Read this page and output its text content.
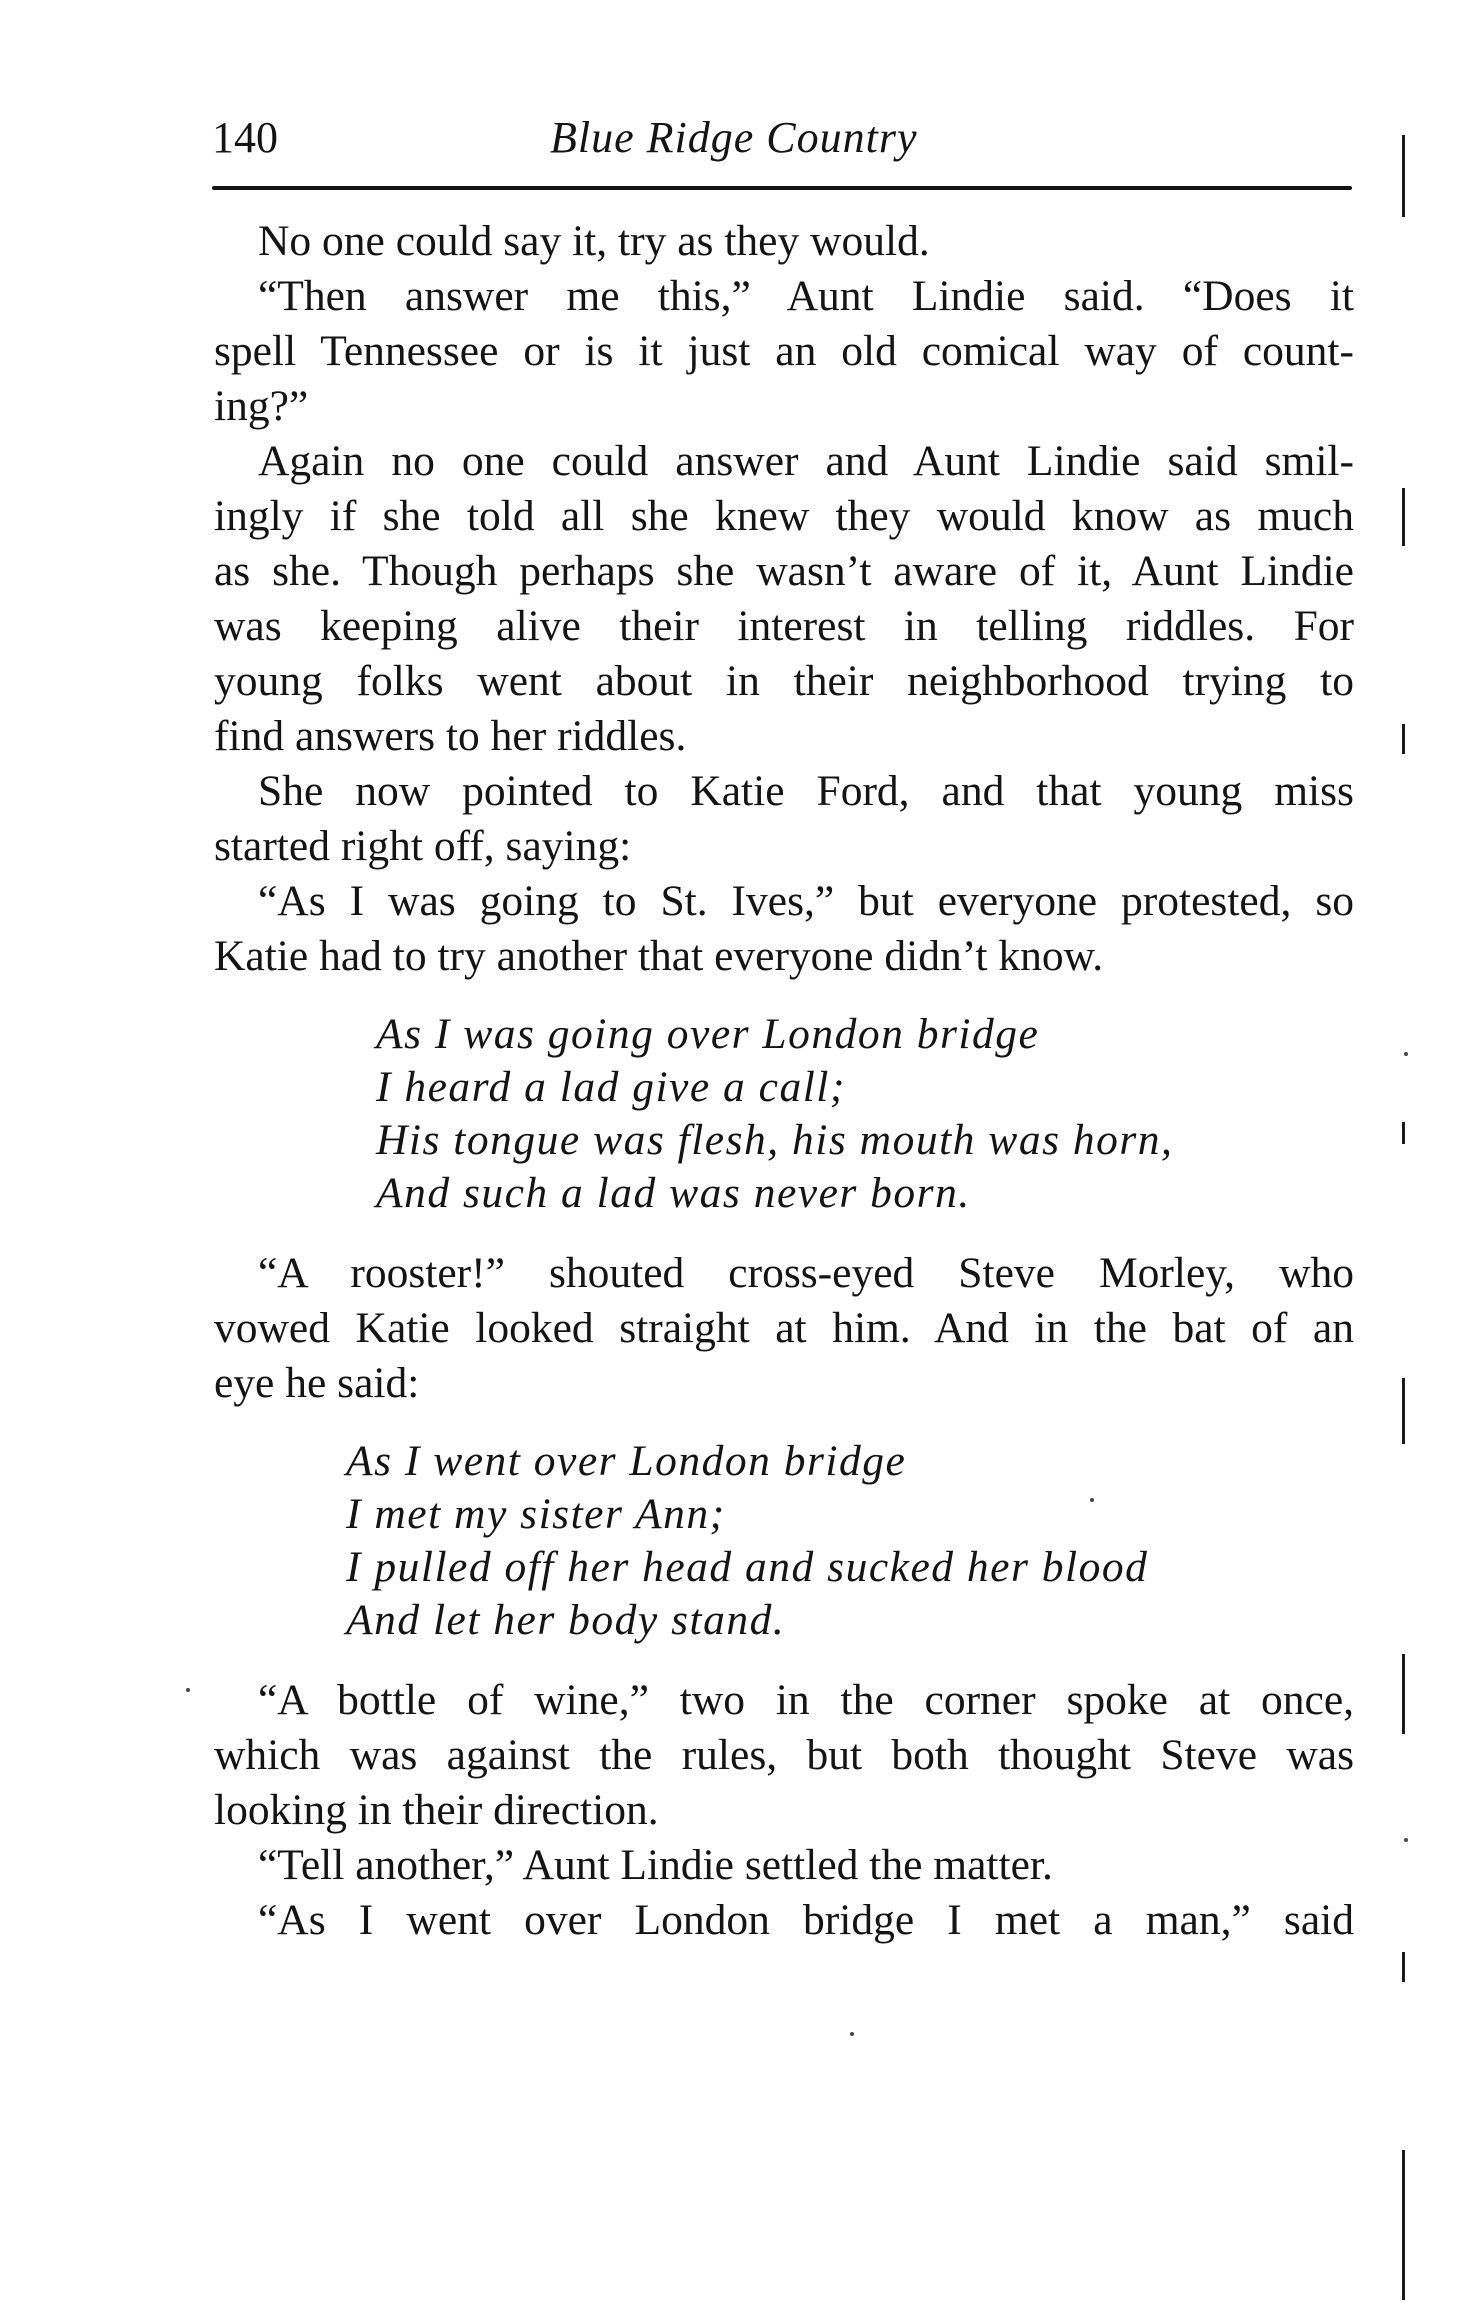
140	Blue Ridge Country
No one could say it, try as they would.
“Then answer me this,” Aunt Lindie said. “Does it
spell Tennessee or is it just an old comical way of count-
ing?”
Again no one could answer and Aunt Lindie said smil-
ingly if she told all she knew they would know as much
as she. Though perhaps she wasn’t aware of it, Aunt Lindie
was keeping alive their interest in telling riddles. For
young folks went about in their neighborhood trying to
find answers to her riddles.
She now pointed to Katie Ford, and that young miss
started right off, saying:
“As I was going to St. Ives,” but everyone protested, so
Katie had to try another that everyone didn’t know.
As I was going over London bridge
I heard a lad give a call;
His tongue was flesh, his mouth was horn,
And such a lad was never born.
“A rooster!” shouted cross-eyed Steve Morley, who
vowed Katie looked straight at him. And in the bat of an
eye he said:
As I went over London bridge
I met my sister Ann;
I pulled off her head and sucked her blood
And let her body stand.
“A bottle of wine,” two in the corner spoke at once,
which was against the rules, but both thought Steve was
looking in their direction.
“Tell another,” Aunt Lindie settled the matter.
“As I went over London bridge I met a man,” said
